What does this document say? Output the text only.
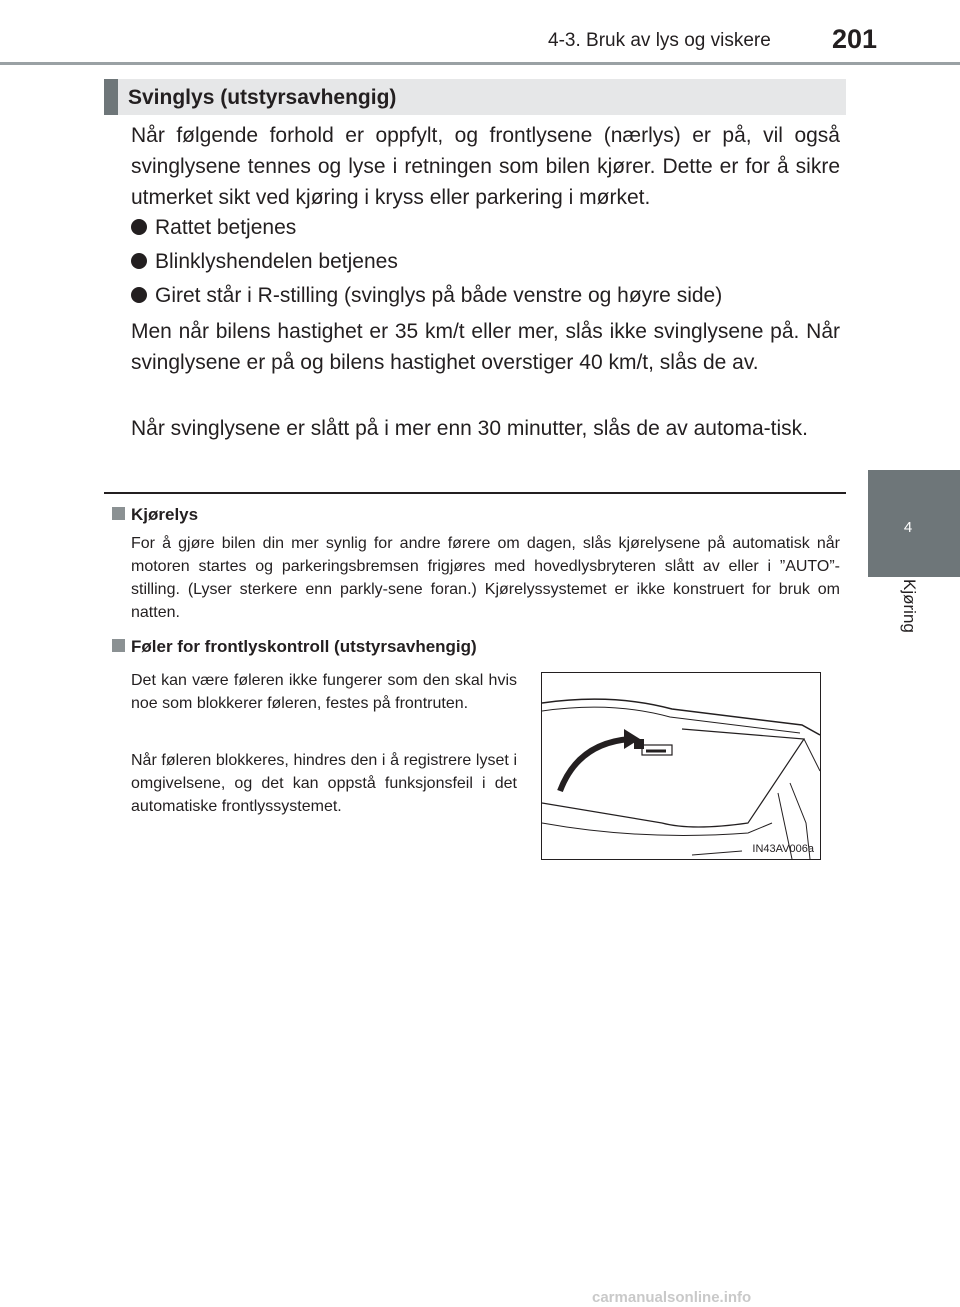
4-3. Bruk av lys og viskere 201
4
Kjøring
Svinglys (utstyrsavhengig)

Når følgende forhold er oppfylt, og frontlysene (nærlys) er på, vil også svinglysene tennes og lyse i retningen som bilen kjører. Dette er for å sikre utmerket sikt ved kjøring i kryss eller parkering i mørket.

Rattet betjenes
Blinklyshendelen betjenes
Giret står i R-stilling (svinglys på både venstre og høyre side)

Men når bilens hastighet er 35 km/t eller mer, slås ikke svinglysene på. Når svinglysene er på og bilens hastighet overstiger 40 km/t, slås de av.

Når svinglysene er slått på i mer enn 30 minutter, slås de av automa-tisk.

Kjørelys

For å gjøre bilen din mer synlig for andre førere om dagen, slås kjørelysene på automatisk når motoren startes og parkeringsbremsen frigjøres med hovedlysbryteren slått av eller i ”AUTO”-stilling. (Lyser sterkere enn parkly-sene foran.) Kjørelyssystemet er ikke konstruert for bruk om natten.

Føler for frontlyskontroll (utstyrsavhengig)

Det kan være føleren ikke fungerer som den skal hvis noe som blokkerer føleren, festes på frontruten.

Når føleren blokkeres, hindres den i å registrere lyset i omgivelsene, og det kan oppstå funksjonsfeil i det automatiske frontlyssystemet.

IN43AV006a
carmanualsonline.info
